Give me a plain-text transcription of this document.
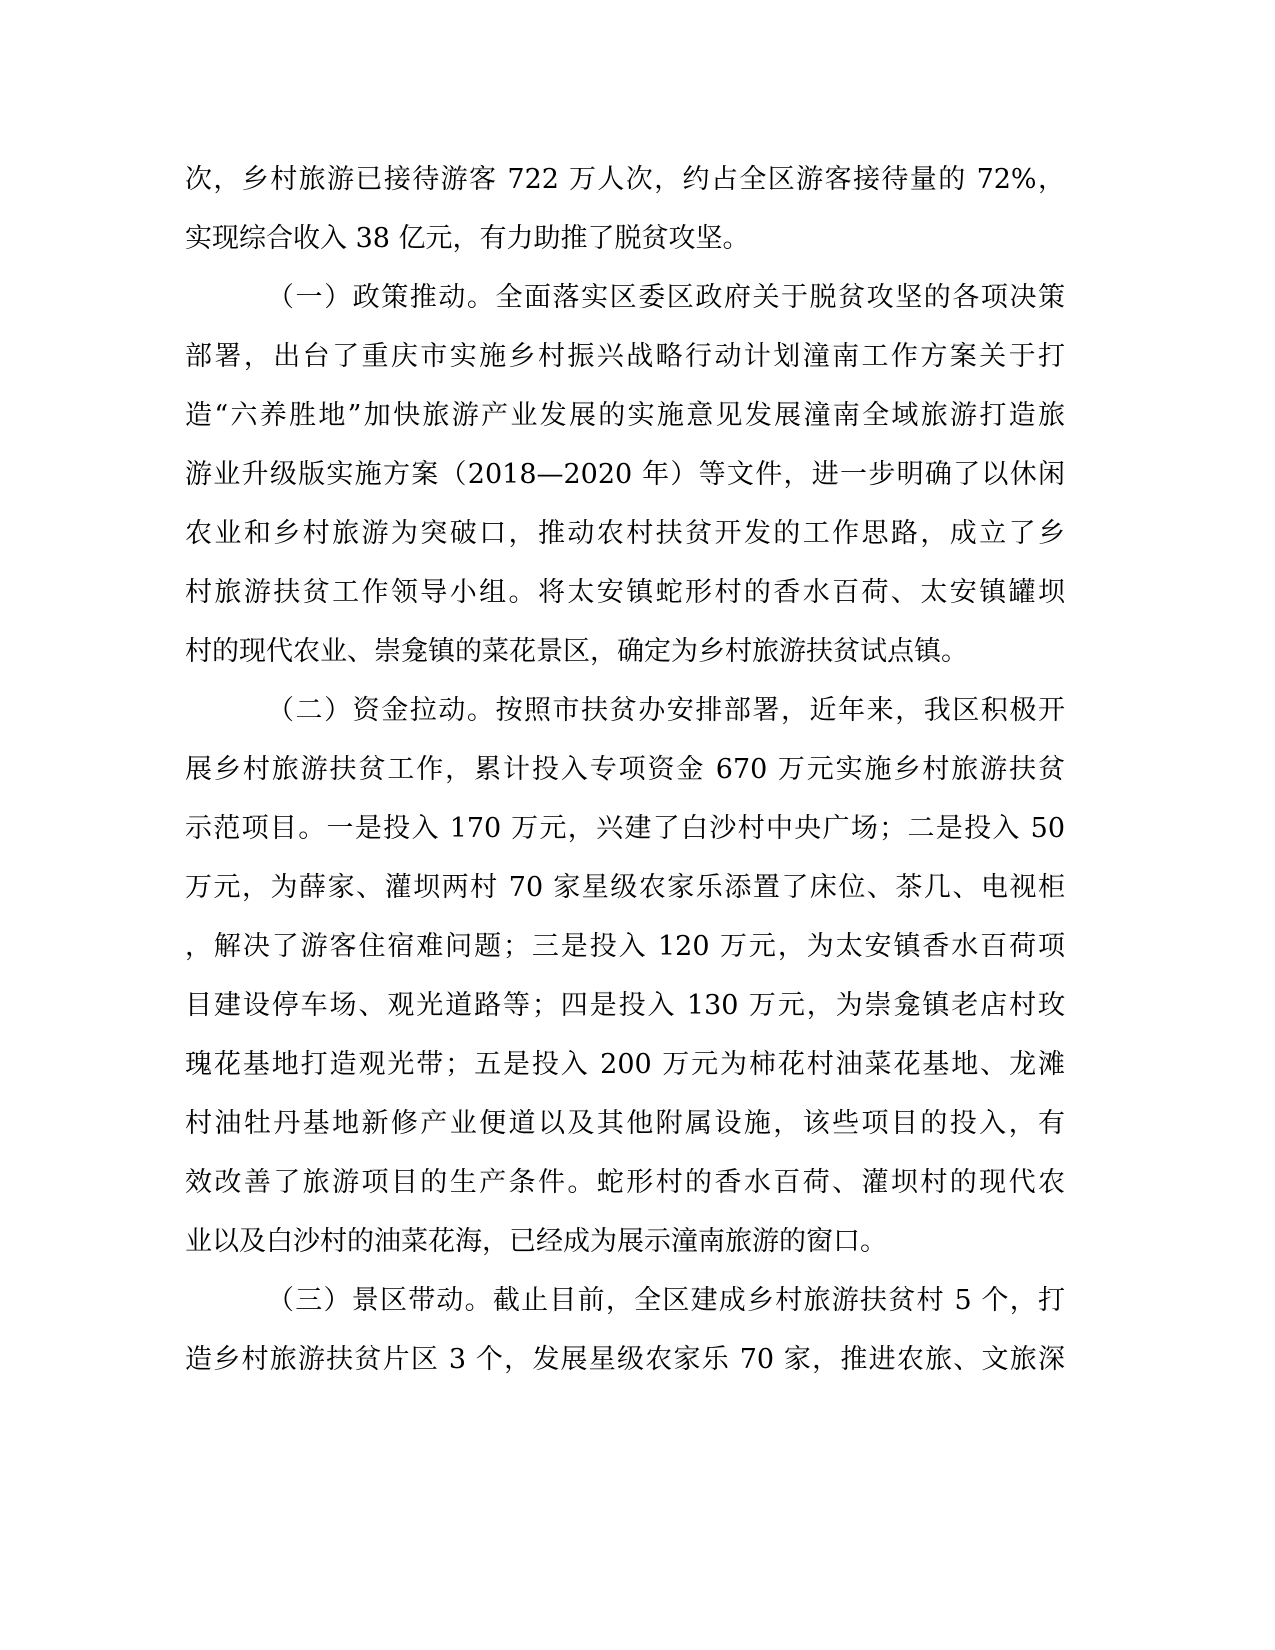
次，乡村旅游已接待游客 722 万人次，约占全区游客接待量的 72%，
实现综合收入 38 亿元，有力助推了脱贫攻坚。
（一）政策推动。全面落实区委区政府关于脱贫攻坚的各项决策
部署，出台了重庆市实施乡村振兴战略行动计划潼南工作方案关于打
造“六养胜地”加快旅游产业发展的实施意见发展潼南全域旅游打造旅
游业升级版实施方案（2018—2020 年）等文件，进一步明确了以休闲
农业和乡村旅游为突破口，推动农村扶贫开发的工作思路，成立了乡
村旅游扶贫工作领导小组。将太安镇蛇形村的香水百荷、太安镇罐坝
村的现代农业、崇龛镇的菜花景区，确定为乡村旅游扶贫试点镇。
（二）资金拉动。按照市扶贫办安排部署，近年来，我区积极开
展乡村旅游扶贫工作，累计投入专项资金 670 万元实施乡村旅游扶贫
示范项目。一是投入 170 万元，兴建了白沙村中央广场；二是投入 50
万元，为薛家、灌坝两村 70 家星级农家乐添置了床位、茶几、电视柜
，解决了游客住宿难问题；三是投入 120 万元，为太安镇香水百荷项
目建设停车场、观光道路等；四是投入 130 万元，为崇龛镇老店村玫
瑰花基地打造观光带；五是投入 200 万元为柿花村油菜花基地、龙滩
村油牡丹基地新修产业便道以及其他附属设施，该些项目的投入，有
效改善了旅游项目的生产条件。蛇形村的香水百荷、灌坝村的现代农
业以及白沙村的油菜花海，已经成为展示潼南旅游的窗口。
（三）景区带动。截止目前，全区建成乡村旅游扶贫村 5 个，打
造乡村旅游扶贫片区 3 个，发展星级农家乐 70 家，推进农旅、文旅深
